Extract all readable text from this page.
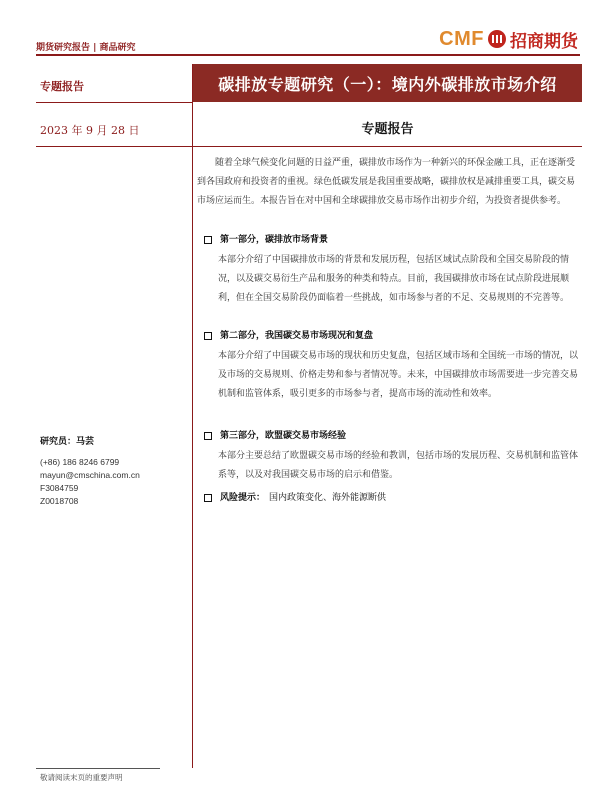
期货研究报告 | 商品研究	CMF 招商期货
专题报告
2023 年 9 月 28 日
碳排放专题研究（一）：境内外碳排放市场介绍
专题报告
随着全球气候变化问题的日益严重，碳排放市场作为一种新兴的环保金融工具，正在逐渐受到各国政府和投资者的重视。绿色低碳发展是我国重要战略，碳排放权是减排重要工具，碳交易市场应运而生。本报告旨在对中国和全球碳排放交易市场作出初步介绍，为投资者提供参考。
第一部分，碳排放市场背景
本部分介绍了中国碳排放市场的背景和发展历程，包括区域试点阶段和全国交易阶段的情况，以及碳交易衍生产品和服务的种类和特点。目前，我国碳排放市场在试点阶段进展顺利，但在全国交易阶段仍面临着一些挑战，如市场参与者的不足、交易规则的不完善等。
第二部分，我国碳交易市场现况和复盘
本部分介绍了中国碳交易市场的现状和历史复盘，包括区域市场和全国统一市场的情况，以及市场的交易规则、价格走势和参与者情况等。未来，中国碳排放市场需要进一步完善交易机制和监管体系，吸引更多的市场参与者，提高市场的流动性和效率。
第三部分，欧盟碳交易市场经验
本部分主要总结了欧盟碳交易市场的经验和教训，包括市场的发展历程、交易机制和监管体系等，以及对我国碳交易市场的启示和借鉴。
风险提示： 国内政策变化、海外能源断供
研究员：马芸
(+86) 186 8246 6799
mayun@cmschina.com.cn
F3084759
Z0018708
敬请阅读末页的重要声明
